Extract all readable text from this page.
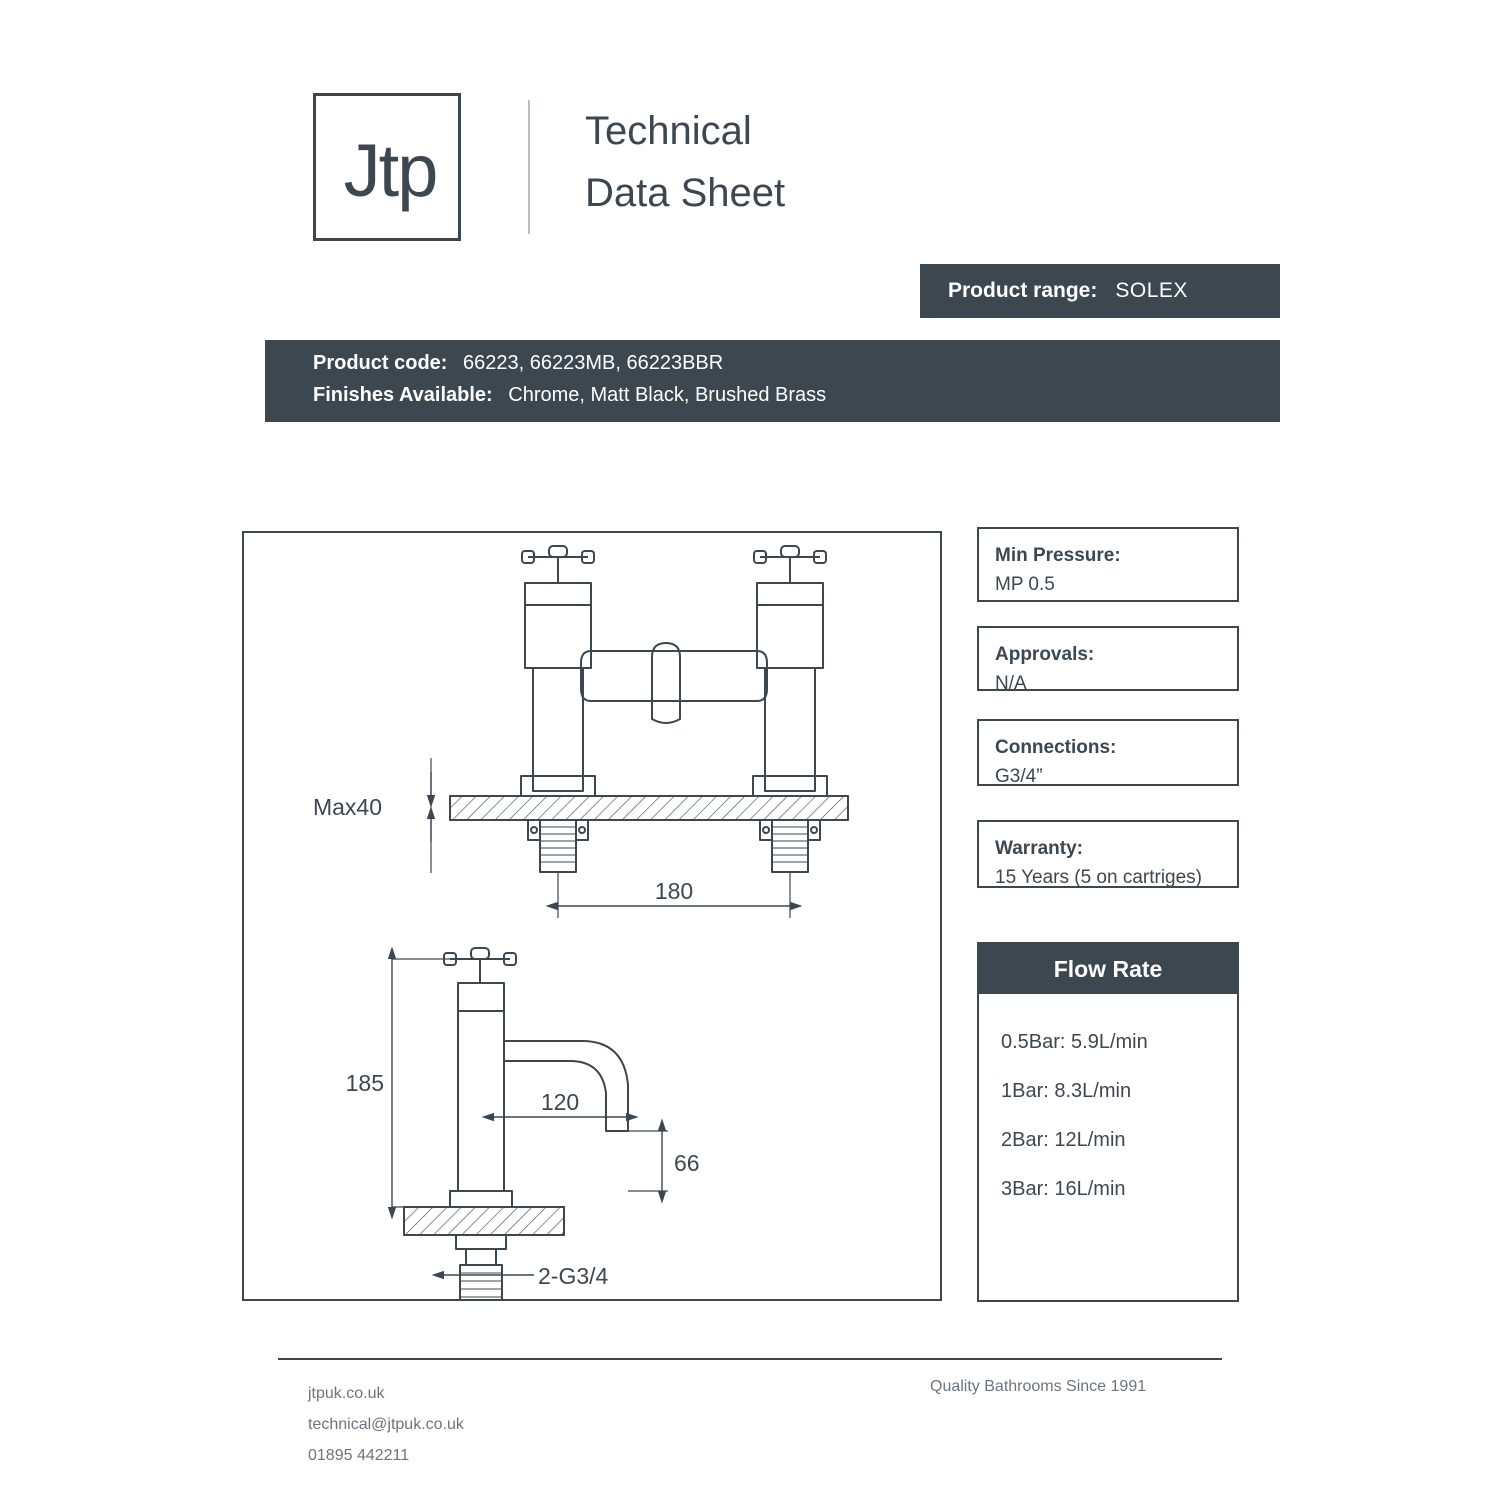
Jtp	Technical
Data Sheet
Product range: SOLEX
Product code: 66223, 66223MB, 66223BBR
Finishes Available: Chrome, Matt Black, Brushed Brass
Max40
180
185
120
66
2-G3/4
Min Pressure:
MP 0.5
Approvals:
N/A
Connections:
G3/4”
Warranty:
15 Years (5 on cartriges)
Flow Rate
0.5Bar: 5.9L/min
1Bar: 8.3L/min
2Bar: 12L/min
3Bar: 16L/min
jtpuk.co.uk
technical@jtpuk.co.uk
01895 442211
Quality Bathrooms Since 1991
